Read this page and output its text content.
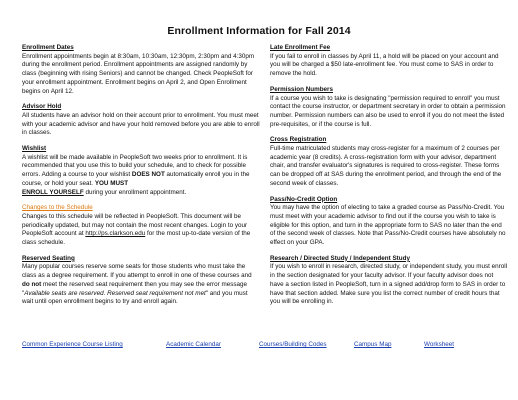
Enrollment Information for Fall 2014
Enrollment Dates

Enrollment appointments begin at 8:30am, 10:30am, 12:30pm, 2:30pm and 4:30pm during the enrollment period. Enrollment appointments are assigned randomly by class (beginning with rising Seniors) and cannot be changed. Check PeopleSoft for your enrollment appointment. Enrollment begins on April 2, and Open Enrollment begins on April 12.

Advisor Hold

All students have an advisor hold on their account prior to enrollment. You must meet with your academic advisor and have your hold removed before you are able to enroll in classes.

Wishlist

A wishlist will be made available in PeopleSoft two weeks prior to enrollment. It is recommended that you use this to build your schedule, and to check for possible errors. Adding a course to your wishlist DOES NOT automatically enroll you in the course, or hold your seat. YOU MUST
ENROLL YOURSELF during your enrollment appointment.

Changes to the Schedule

Changes to this schedule will be reflected in PeopleSoft. This document will be periodically updated, but may not contain the most recent changes. Login to your PeopleSoft account at http://ps.clarkson.edu for the most up-to-date version of the class schedule.

Reserved Seating

Many popular courses reserve some seats for those students who must take the class as a degree requirement. If you attempt to enroll in one of these courses and do not meet the reserved seat requirement then you may see the error message "Available seats are reserved. Reserved seat requirement not met" and you must wait until open enrollment begins to try and enroll again.

Late Enrollment Fee

If you fail to enroll in classes by April 11, a hold will be placed on your account and you will be charged a $50 late-enrollment fee. You must come to SAS in order to remove the hold.

Permission Numbers

If a course you wish to take is designating "permission required to enroll" you must contact the course instructor, or department secretary in order to obtain a permission number. Permission numbers can also be used to enroll if you do not meet the listed pre-requisites, or if the course is full.

Cross Registration

Full-time matriculated students may cross-register for a maximum of 2 courses per academic year (8 credits). A cross-registration form with your advisor, department chair, and transfer evaluator's signatures is required to cross-register. These forms can be dropped off at SAS during the enrollment period, and through the end of the second week of classes.

Pass/No-Credit Option

You may have the option of electing to take a graded course as Pass/No-Credit. You must meet with your academic advisor to find out if the course you wish to take is eligible for this option, and turn in the appropriate form to SAS no later than the end of the second week of classes. Note that Pass/No-Credit courses have absolutely no effect on your GPA.

Research / Directed Study / Independent Study

If you wish to enroll in research, directed study, or independent study, you must enroll in the section designated for your faculty advisor. If your faculty advisor does not have a section listed in PeopleSoft, turn in a signed add/drop form to SAS in order to have that section added. Make sure you list the correct number of credit hours that you will be enrolling in.

Common Experience Course Listing	Academic Calendar	Courses/Building Codes	Campus Map	Worksheet
